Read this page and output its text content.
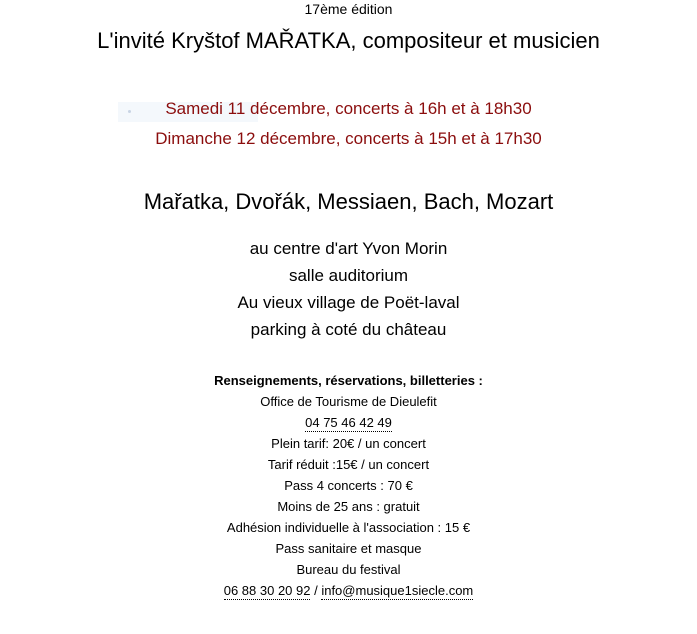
17ème édition
L'invité Kryštof MAŘATKA, compositeur et musicien
Samedi 11 décembre, concerts à 16h et à 18h30
Dimanche 12 décembre, concerts à 15h et à 17h30
Mařatka, Dvořák, Messiaen, Bach, Mozart
au centre d'art Yvon Morin
salle auditorium
Au vieux village de Poët-laval
parking à coté du château
Renseignements, réservations, billetteries :
Office de Tourisme de Dieulefit
04 75 46 42 49
Plein tarif: 20€ / un concert
Tarif réduit :15€ / un concert
Pass 4 concerts : 70 €
Moins de 25 ans : gratuit
Adhésion individuelle à l'association : 15 €
Pass sanitaire et masque
Bureau du festival
06 88 30 20 92 / info@musique1siecle.com
